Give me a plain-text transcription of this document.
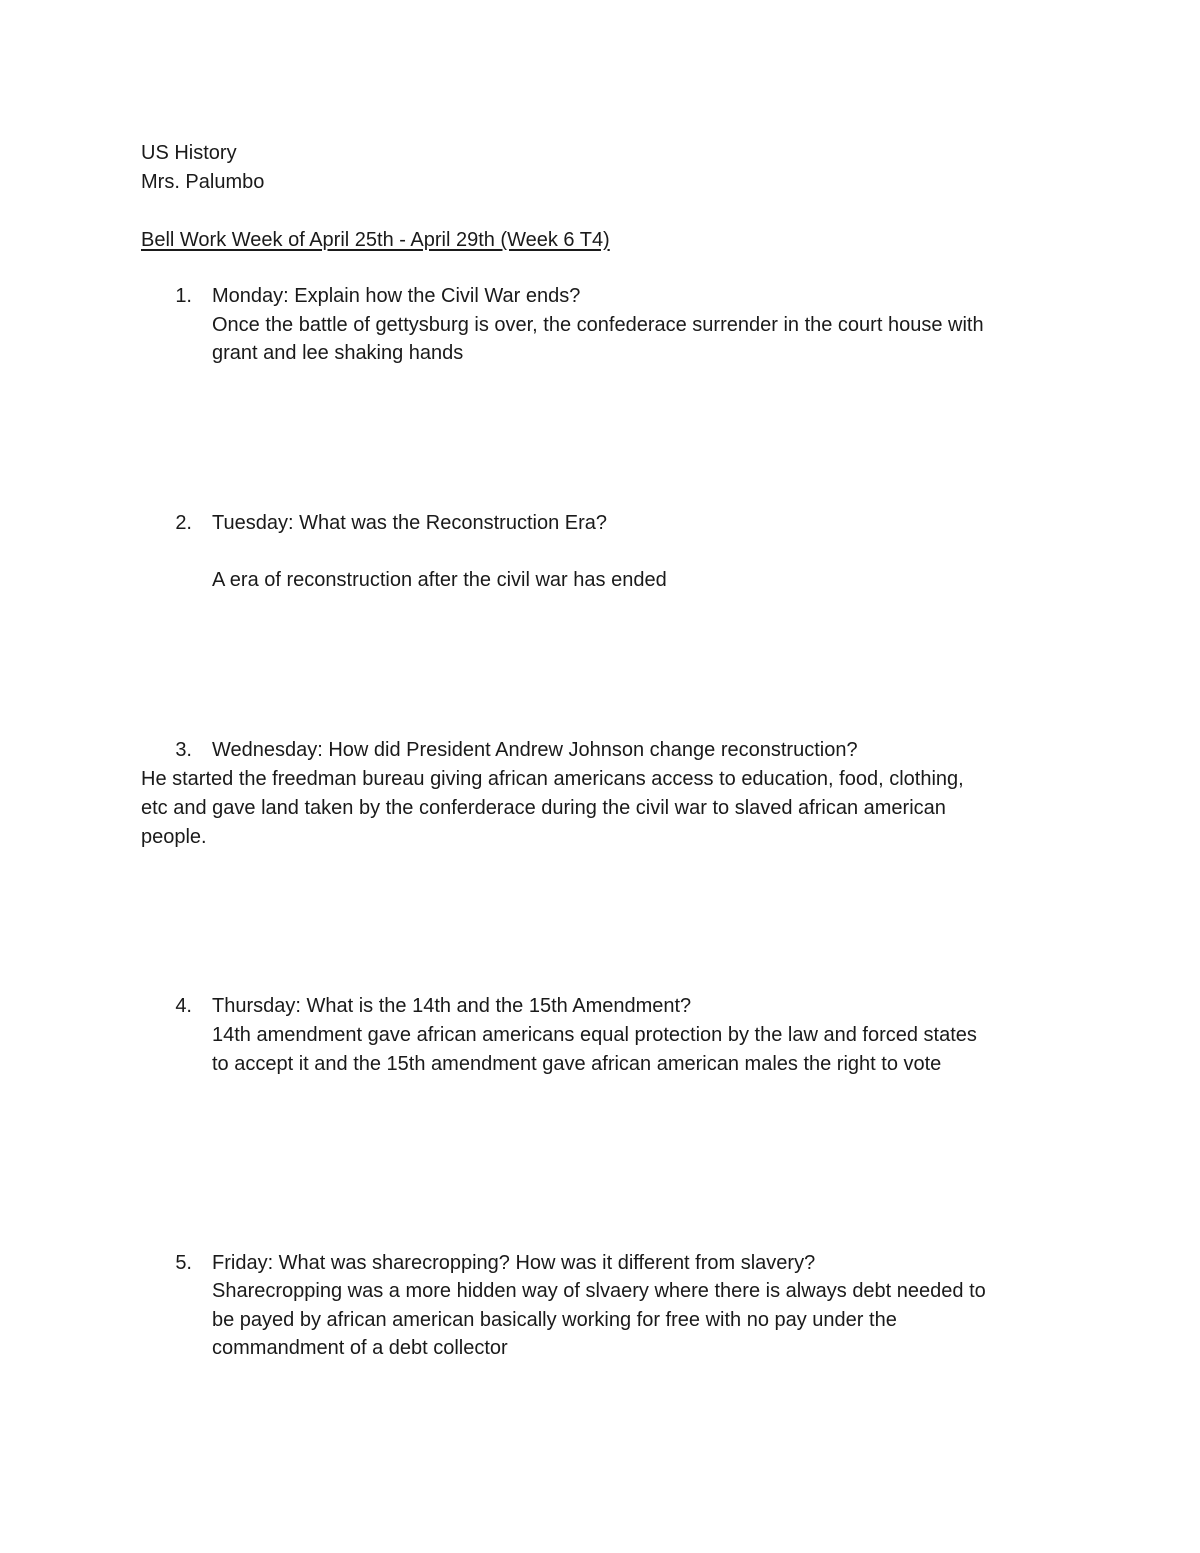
US History
Mrs. Palumbo
Bell Work Week of April 25th - April 29th (Week 6 T4)
1. Monday: Explain how the Civil War ends?
Once the battle of gettysburg is over, the confederace surrender in the court house with
grant and lee shaking hands
2. Tuesday: What was the Reconstruction Era?
A era of reconstruction after the civil war has ended
3. Wednesday: How did President Andrew Johnson change reconstruction?
He started the freedman bureau giving african americans access to education, food, clothing,
etc and gave land taken by the conferderace during the civil war to slaved african american
people.
4. Thursday: What is the 14th and the 15th Amendment?
14th amendment gave african americans equal protection by the law and forced states
to accept it and the 15th amendment gave african american males the right to vote
5. Friday: What was sharecropping? How was it different from slavery?
Sharecropping was a more hidden way of slvaery where there is always debt needed to
be payed by african american basically working for free with no pay under the
commandment of a debt collector
